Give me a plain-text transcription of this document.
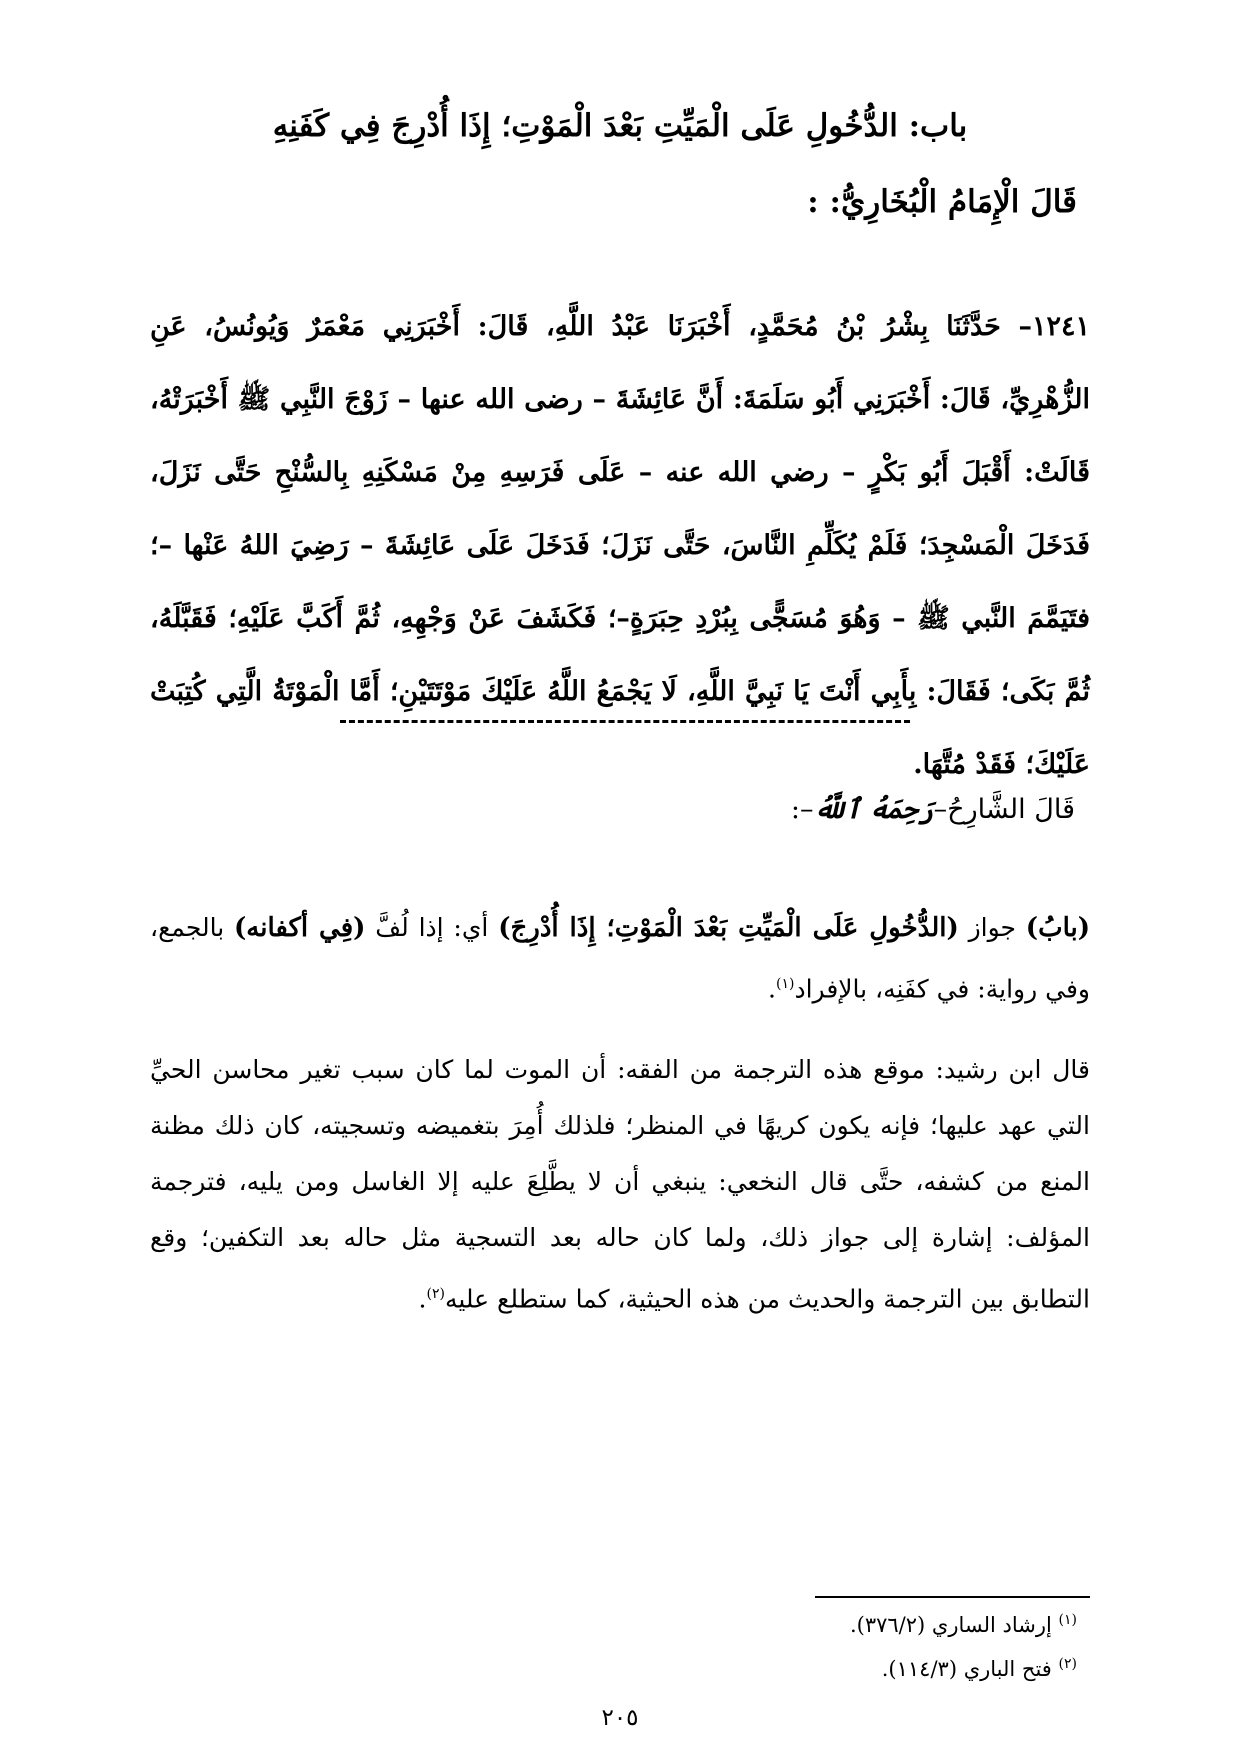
باب: الدُّخُولِ عَلَى الْمَيِّتِ بَعْدَ الْمَوْتِ؛ إِذَا أُدْرِجَ فِي كَفَنِهِ
قَالَ الْإِمَامُ الْبُخَارِيُّ: :
١٢٤١– حَدَّثَنَا بِشْرُ بْنُ مُحَمَّدٍ، أَخْبَرَنَا عَبْدُ اللَّهِ، قَالَ: أَخْبَرَنِي مَعْمَرٌ وَيُونُسُ، عَنِ الزُّهْرِيِّ، قَالَ: أَخْبَرَنِي أَبُو سَلَمَةَ: أَنَّ عَائِشَةَ – رضى الله عنها – زَوْجَ النَّبِي ﷺ أَخْبَرَتْهُ، قَالَتْ: أَقْبَلَ أَبُو بَكْرٍ – رضي الله عنه – عَلَى فَرَسِهِ مِنْ مَسْكَنِهِ بِالسُّنْحِ حَتَّى نَزَلَ، فَدَخَلَ الْمَسْجِدَ؛ فَلَمْ يُكَلِّمِ النَّاسَ، حَتَّى نَزَلَ؛ فَدَخَلَ عَلَى عَائِشَةَ – رَضِيَ اللهُ عَنْها –؛ فتَيَمَّمَ النَّبي ﷺ – وَهُوَ مُسَجًّى بِبُرْدِ حِبَرَةٍ–؛ فَكَشَفَ عَنْ وَجْهِهِ، ثُمَّ أَكَبَّ عَلَيْهِ؛ فَقَبَّلَهُ، ثُمَّ بَكَى؛ فَقَالَ: بِأَبِي أَنْتَ يَا نَبِيَّ اللَّهِ، لَا يَجْمَعُ اللَّهُ عَلَيْكَ مَوْتَتَيْنِ؛ أَمَّا الْمَوْتَةُ الَّتِي كُتِبَتْ عَلَيْكَ؛ فَقَدْ مُتَّهَا.
قَالَ الشَّارِحُ–رَحِمَهُ ٱللَّهُ–:
(بابُ) جواز (الدُّخُولِ عَلَى الْمَيِّتِ بَعْدَ الْمَوْتِ؛ إِذَا أُدْرِجَ) أي: إذا لُفَّ (فِي أكفانه) بالجمع، وفي رواية: في كفَنِه، بالإفراد$^{(١)}$.
قال ابن رشيد: موقع هذه الترجمة من الفقه: أن الموت لما كان سبب تغير محاسن الحيِّ التي عهد عليها؛ فإنه يكون كريهًا في المنظر؛ فلذلك أُمِرَ بتغميضه وتسجيته، كان ذلك مظنة المنع من كشفه، حتَّى قال النخعي: ينبغي أن لا يطَّلِعَ عليه إلا الغاسل ومن يليه، فترجمة المؤلف: إشارة إلى جواز ذلك، ولما كان حاله بعد التسجية مثل حاله بعد التكفين؛ وقع التطابق بين الترجمة والحديث من هذه الحيثية، كما ستطلع عليه$^{(٢)}$.
$^{(١)}$ إرشاد الساري (٣٧٦/٢).
$^{(٢)}$ فتح الباري (١١٤/٣).
٢٠٥
